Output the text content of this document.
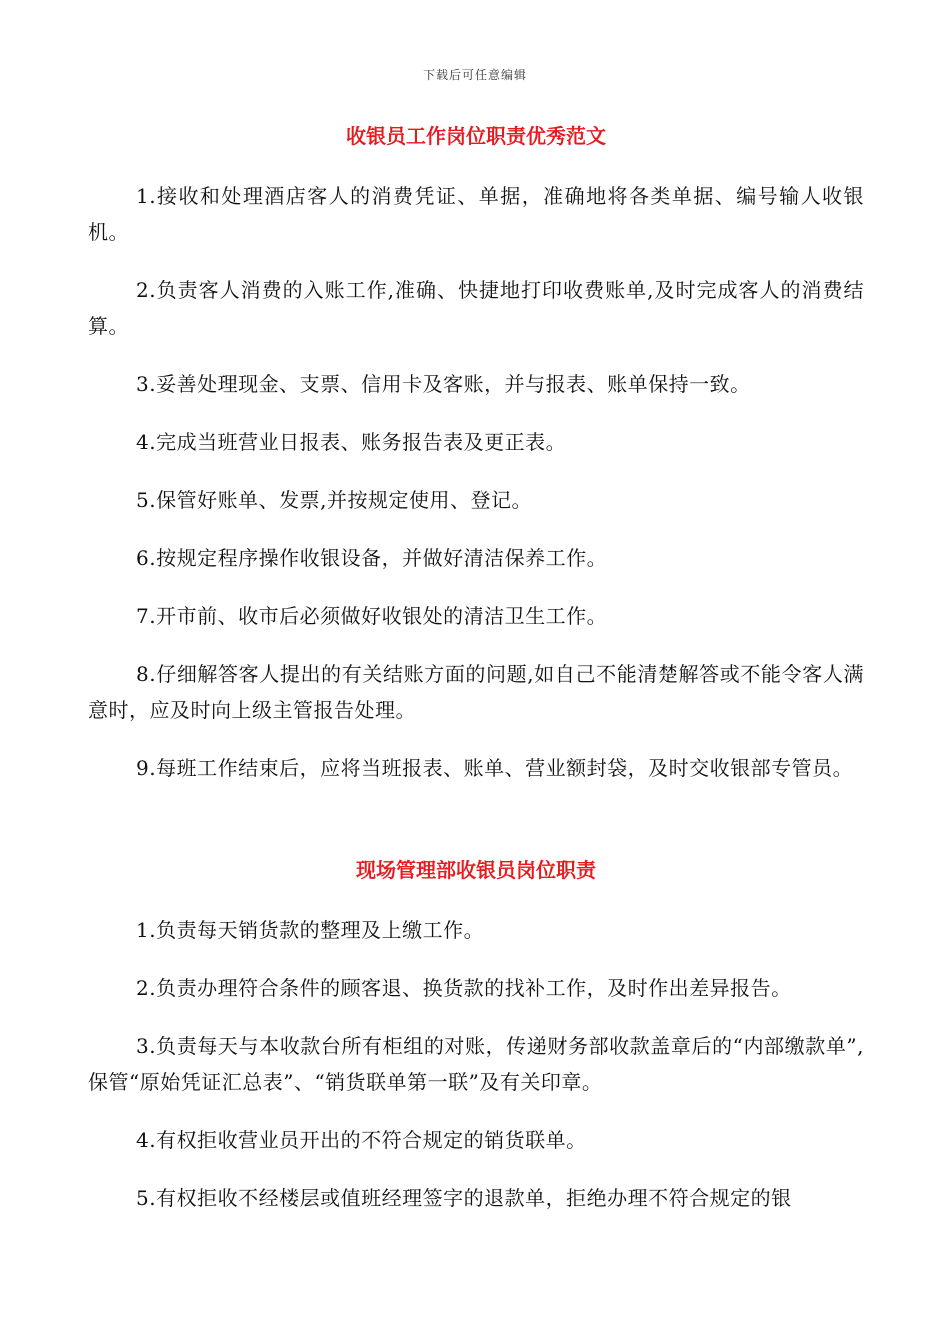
下载后可任意编辑
收银员工作岗位职责优秀范文

1.接收和处理酒店客人的消费凭证、单据，准确地将各类单据、编号输人收银机。

2.负责客人消费的入账工作,准确、快捷地打印收费账单,及时完成客人的消费结算。

3.妥善处理现金、支票、信用卡及客账，并与报表、账单保持一致。

4.完成当班营业日报表、账务报告表及更正表。

5.保管好账单、发票,并按规定使用、登记。

6.按规定程序操作收银设备，并做好清洁保养工作。

7.开市前、收市后必须做好收银处的清洁卫生工作。

8.仔细解答客人提出的有关结账方面的问题,如自己不能清楚解答或不能令客人满意时，应及时向上级主管报告处理。

9.每班工作结束后，应将当班报表、账单、营业额封袋，及时交收银部专管员。

现场管理部收银员岗位职责

1.负责每天销货款的整理及上缴工作。

2.负责办理符合条件的顾客退、换货款的找补工作，及时作出差异报告。

3.负责每天与本收款台所有柜组的对账，传递财务部收款盖章后的“内部缴款单”,保管“原始凭证汇总表”、“销货联单第一联”及有关印章。

4.有权拒收营业员开出的不符合规定的销货联单。

5.有权拒收不经楼层或值班经理签字的退款单，拒绝办理不符合规定的银
